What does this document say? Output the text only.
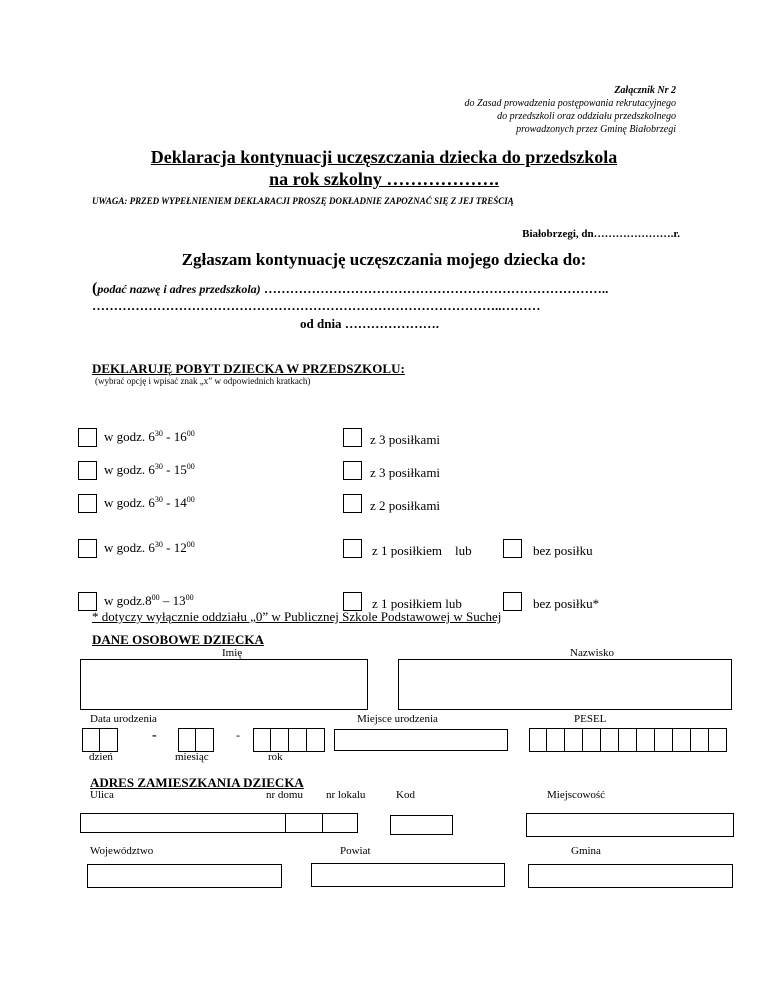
Załącznik Nr 2
do Zasad prowadzenia postępowania rekrutacyjnego
do przedszkoli oraz oddziału przedszkolnego
prowadzonych przez Gminę Białobrzegi
Deklaracja kontynuacji uczęszczania dziecka do przedszkola
na rok szkolny ……………….
UWAGA: PRZED WYPEŁNIENIEM DEKLARACJI PROSZĘ DOKŁADNIE ZAPOZNAĆ SIĘ Z JEJ TREŚCIĄ
Białobrzegi, dn………………….r.
Zgłaszam kontynuację uczęszczania mojego dziecka do:
(podać nazwę i adres przedszkola) ……………………………………………………………………..
…………………………………………………………………………………..………
od dnia ………………….
DEKLARUJĘ POBYT DZIECKA W PRZEDSZKOLU:
(wybrać opcję i wpisać znak „x” w odpowiednich kratkach)
w godz. $6^{30} - 16^{00}$	z 3 posiłkami
w godz. $6^{30} - 15^{00}$	z 3 posiłkami
w godz. $6^{30} - 14^{00}$	z 2 posiłkami
w godz. $6^{30} - 12^{00}$	z 1 posiłkiem lub	bez posiłku
w $godz.8^{00} - 13^{00}$	z 1 posiłkiem lub	bez posiłku*
* dotyczy wyłącznie oddziału „0” w Publicznej Szkole Podstawowej w Suchej
DANE OSOBOWE DZIECKA
Imię	Nazwisko
Data urodzenia	Miejsce urodzenia	PESEL
-	-
dzień	miesiąc	rok
ADRES ZAMIESZKANIA DZIECKA
Ulica	nr domu nr lokalu	Kod	Miejscowość
Województwo	Powiat	Gmina
